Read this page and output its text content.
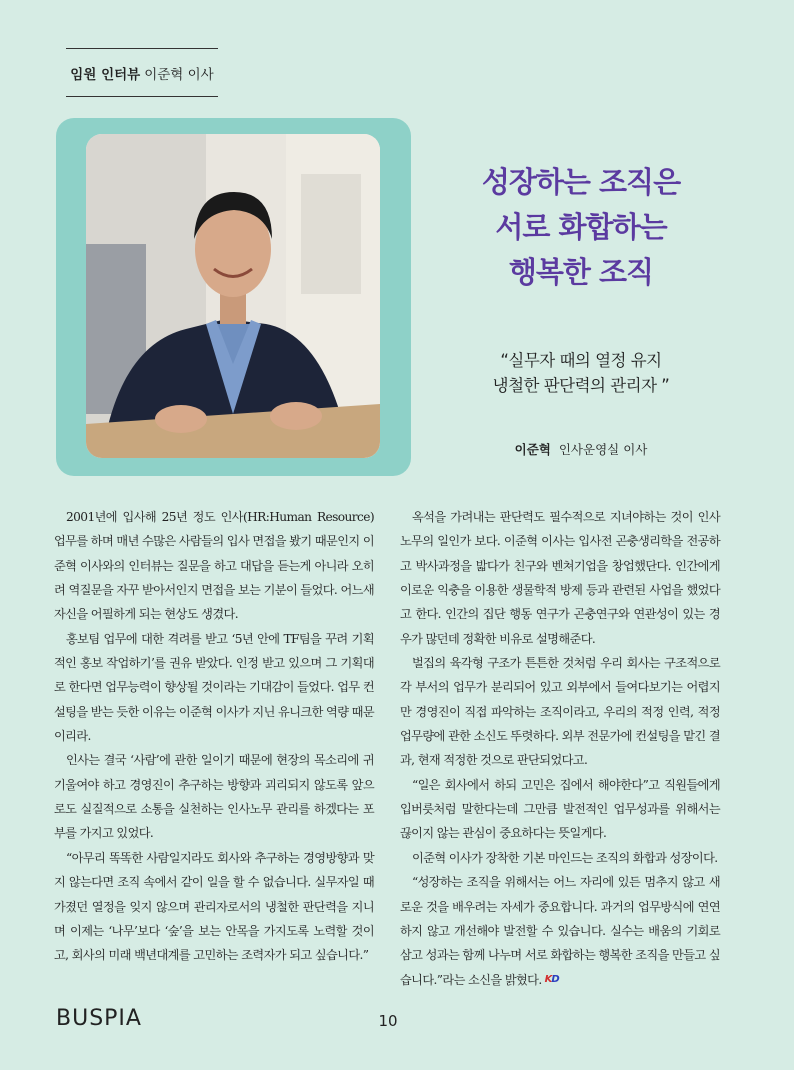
임원 인터뷰 이준혁 이사
성장하는 조직은
서로 화합하는
행복한 조직
“실무자 때의 열정 유지
냉철한 판단력의 관리자 ”
이준혁 인사운영실 이사

2001년에 입사해 25년 정도 인사(HR:Human Resource) 업무를 하며 매년 수많은 사람들의 입사 면접을 봤기 때문인지 이준혁 이사와의 인터뷰는 질문을 하고 대답을 듣는게 아니라 오히려 역질문을 자꾸 받아서인지 면접을 보는 기분이 들었다. 어느새 자신을 어필하게 되는 현상도 생겼다.

홍보팀 업무에 대한 격려를 받고 ‘5년 안에 TF팀을 꾸려 기획적인 홍보 작업하기’를 권유 받았다. 인정 받고 있으며 그 기획대로 한다면 업무능력이 향상될 것이라는 기대감이 들었다. 업무 컨설팅을 받는 듯한 이유는 이준혁 이사가 지닌 유니크한 역량 때문이리라.

인사는 결국 ‘사람’에 관한 일이기 때문에 현장의 목소리에 귀기울여야 하고 경영진이 추구하는 방향과 괴리되지 않도록 앞으로도 실질적으로 소통을 실천하는 인사노무 관리를 하겠다는 포부를 가지고 있었다.

“아무리 똑똑한 사람일지라도 회사와 추구하는 경영방향과 맞지 않는다면 조직 속에서 같이 일을 할 수 없습니다. 실무자일 때 가졌던 열정을 잊지 않으며 관리자로서의 냉철한 판단력을 지니며 이제는 ‘나무’보다 ‘숲’을 보는 안목을 가지도록 노력할 것이고, 회사의 미래 백년대계를 고민하는 조력자가 되고 싶습니다.”

옥석을 가려내는 판단력도 필수적으로 지녀야하는 것이 인사노무의 일인가 보다. 이준혁 이사는 입사전 곤충생리학을 전공하고 박사과정을 밟다가 친구와 벤쳐기업을 창업했단다. 인간에게 이로운 익충을 이용한 생물학적 방제 등과 관련된 사업을 했었다고 한다. 인간의 집단 행동 연구가 곤충연구와 연관성이 있는 경우가 많던데 정확한 비유로 설명해준다.

벌집의 육각형 구조가 튼튼한 것처럼 우리 회사는 구조적으로 각 부서의 업무가 분리되어 있고 외부에서 들여다보기는 어렵지만 경영진이 직접 파악하는 조직이라고, 우리의 적정 인력, 적정 업무량에 관한 소신도 뚜렷하다. 외부 전문가에 컨설팅을 맡긴 결과, 현재 적정한 것으로 판단되었다고.

“일은 회사에서 하되 고민은 집에서 해야한다”고 직원들에게 입버릇처럼 말한다는데 그만큼 발전적인 업무성과를 위해서는 끊이지 않는 관심이 중요하다는 뜻일게다.

이준혁 이사가 장착한 기본 마인드는 조직의 화합과 성장이다.

“성장하는 조직을 위해서는 어느 자리에 있든 멈추지 않고 새로운 것을 배우려는 자세가 중요합니다. 과거의 업무방식에 연연하지 않고 개선해야 발전할 수 있습니다. 실수는 배움의 기회로 삼고 성과는 함께 나누며 서로 화합하는 행복한 조직을 만들고 싶습니다.”라는 소신을 밝혔다. KD

BUSPIA	10
